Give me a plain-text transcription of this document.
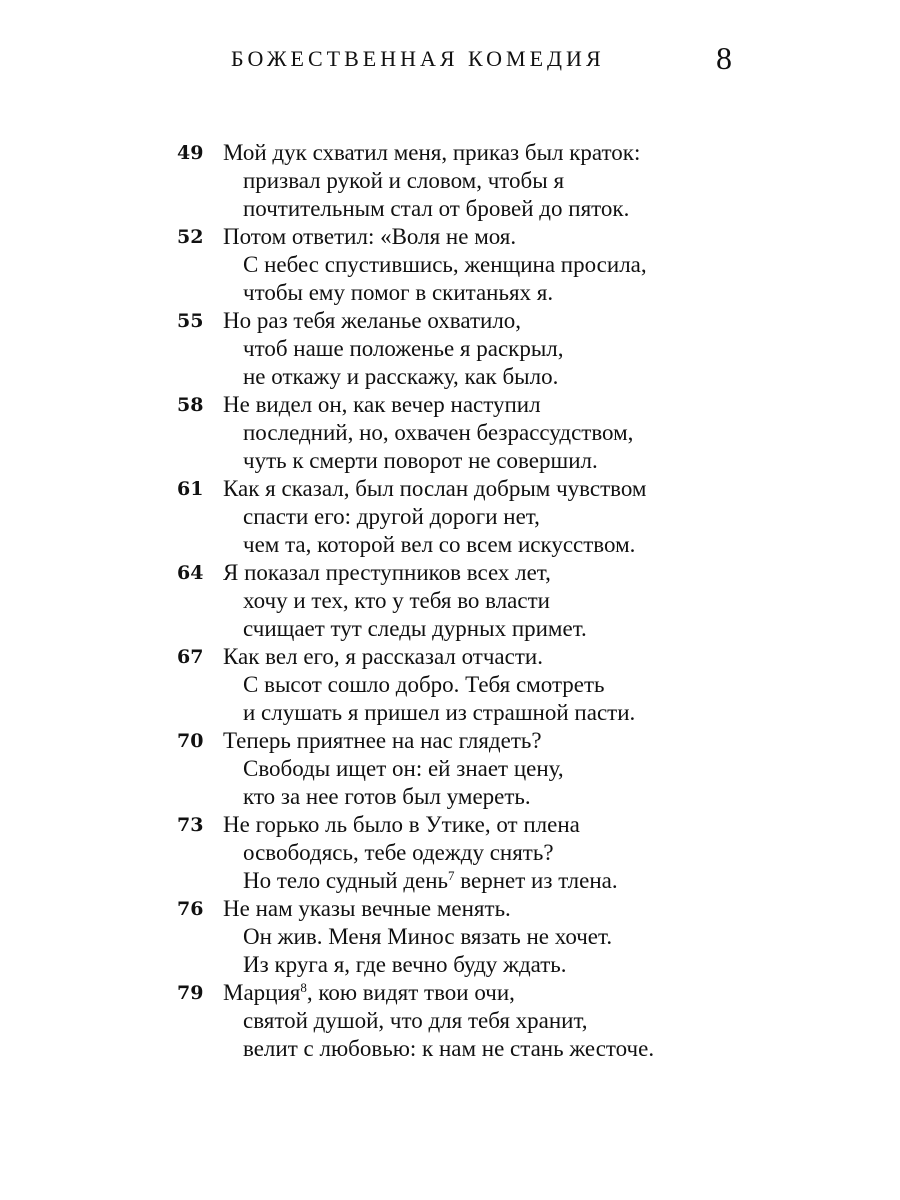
БОЖЕСТВЕННАЯ КОМЕДИЯ	8
49 Мой дук схватил меня, приказ был краток:
призвал рукой и словом, чтобы я
почтительным стал от бровей до пяток.
52 Потом ответил: «Воля не моя.
С небес спустившись, женщина просила,
чтобы ему помог в скитаньях я.
55 Но раз тебя желанье охватило,
чтоб наше положенье я раскрыл,
не откажу и расскажу, как было.
58 Не видел он, как вечер наступил
последний, но, охвачен безрассудством,
чуть к смерти поворот не совершил.
61 Как я сказал, был послан добрым чувством
спасти его: другой дороги нет,
чем та, которой вел со всем искусством.
64 Я показал преступников всех лет,
хочу и тех, кто у тебя во власти
счищает тут следы дурных примет.
67 Как вел его, я рассказал отчасти.
С высот сошло добро. Тебя смотреть
и слушать я пришел из страшной пасти.
70 Теперь приятнее на нас глядеть?
Свободы ищет он: ей знает цену,
кто за нее готов был умереть.
73 Не горько ль было в Утике, от плена
освободясь, тебе одежду снять?
Но тело судный день$^7$ вернет из тлена.
76 Не нам указы вечные менять.
Он жив. Меня Минос вязать не хочет.
Из круга я, где вечно буду ждать.
79 Марция$^8$, кою видят твои очи,
святой душой, что для тебя хранит,
велит с любовью: к нам не стань жесточе.
